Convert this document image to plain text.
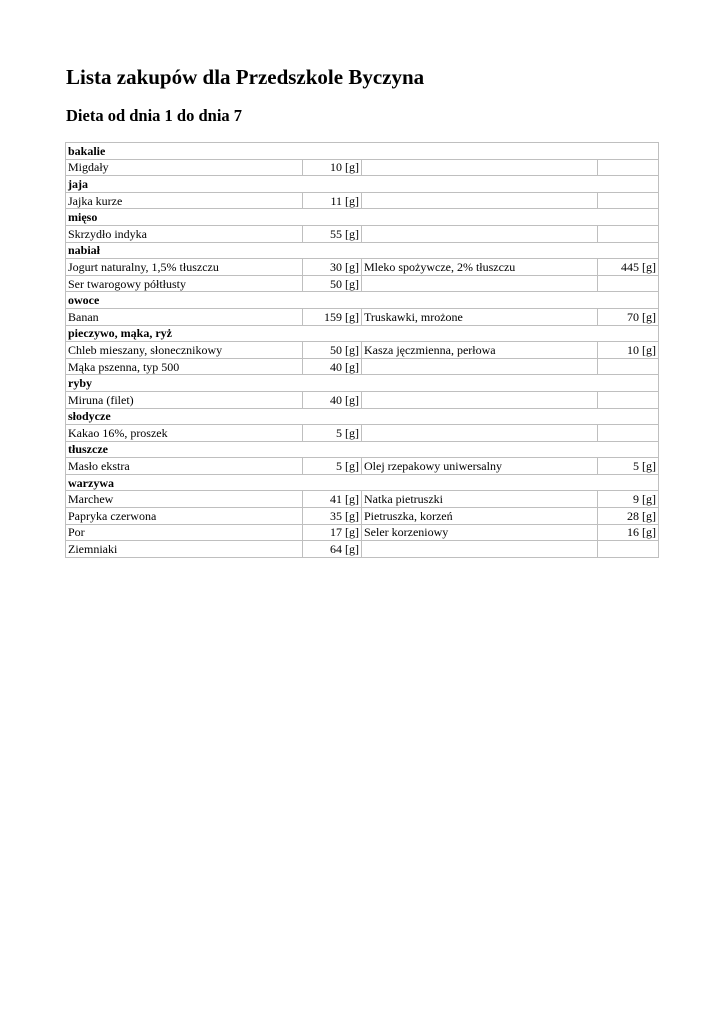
Lista zakupów dla Przedszkole Byczyna
Dieta od dnia 1 do dnia 7
bakalie			
Migdały	10 [g]		
jaja			
Jajka kurze	11 [g]		
mięso			
Skrzydło indyka	55 [g]		
nabiał			
Jogurt naturalny, 1,5% tłuszczu	30 [g]	Mleko spożywcze, 2% tłuszczu	445 [g]
Ser twarogowy półtłusty	50 [g]		
owoce			
Banan	159 [g]	Truskawki, mrożone	70 [g]
pieczywo, mąka, ryż			
Chleb mieszany, słonecznikowy	50 [g]	Kasza jęczmienna, perłowa	10 [g]
Mąka pszenna, typ 500	40 [g]		
ryby			
Miruna (filet)	40 [g]		
słodycze			
Kakao 16%, proszek	5 [g]		
tłuszcze			
Masło ekstra	5 [g]	Olej rzepakowy uniwersalny	5 [g]
warzywa			
Marchew	41 [g]	Natka pietruszki	9 [g]
Papryka czerwona	35 [g]	Pietruszka, korzeń	28 [g]
Por	17 [g]	Seler korzeniowy	16 [g]
Ziemniaki	64 [g]		
